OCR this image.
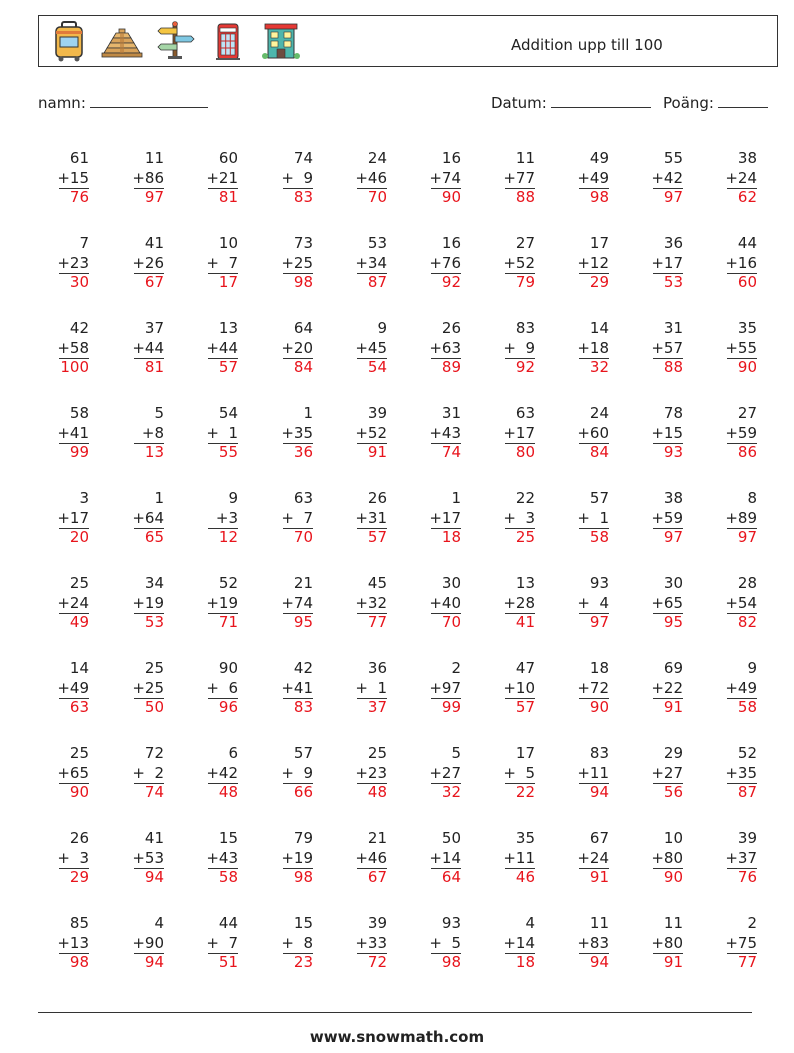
Addition upp till 100
namn:	Datum:	Poäng:
61
+15
76
11
+86
97
60
+21
81
74
+  9
83
24
+46
70
16
+74
90
11
+77
88
49
+49
98
55
+42
97
38
+24
62
7
+23
30
41
+26
67
10
+  7
17
73
+25
98
53
+34
87
16
+76
92
27
+52
79
17
+12
29
36
+17
53
44
+16
60
42
+58
100
37
+44
81
13
+44
57
64
+20
84
9
+45
54
26
+63
89
83
+  9
92
14
+18
32
31
+57
88
35
+55
90
58
+41
99
5
+8
13
54
+  1
55
1
+35
36
39
+52
91
31
+43
74
63
+17
80
24
+60
84
78
+15
93
27
+59
86
3
+17
20
1
+64
65
9
+3
12
63
+  7
70
26
+31
57
1
+17
18
22
+  3
25
57
+  1
58
38
+59
97
8
+89
97
25
+24
49
34
+19
53
52
+19
71
21
+74
95
45
+32
77
30
+40
70
13
+28
41
93
+  4
97
30
+65
95
28
+54
82
14
+49
63
25
+25
50
90
+  6
96
42
+41
83
36
+  1
37
2
+97
99
47
+10
57
18
+72
90
69
+22
91
9
+49
58
25
+65
90
72
+  2
74
6
+42
48
57
+  9
66
25
+23
48
5
+27
32
17
+  5
22
83
+11
94
29
+27
56
52
+35
87
26
+  3
29
41
+53
94
15
+43
58
79
+19
98
21
+46
67
50
+14
64
35
+11
46
67
+24
91
10
+80
90
39
+37
76
85
+13
98
4
+90
94
44
+  7
51
15
+  8
23
39
+33
72
93
+  5
98
4
+14
18
11
+83
94
11
+80
91
2
+75
77
www.snowmath.com
